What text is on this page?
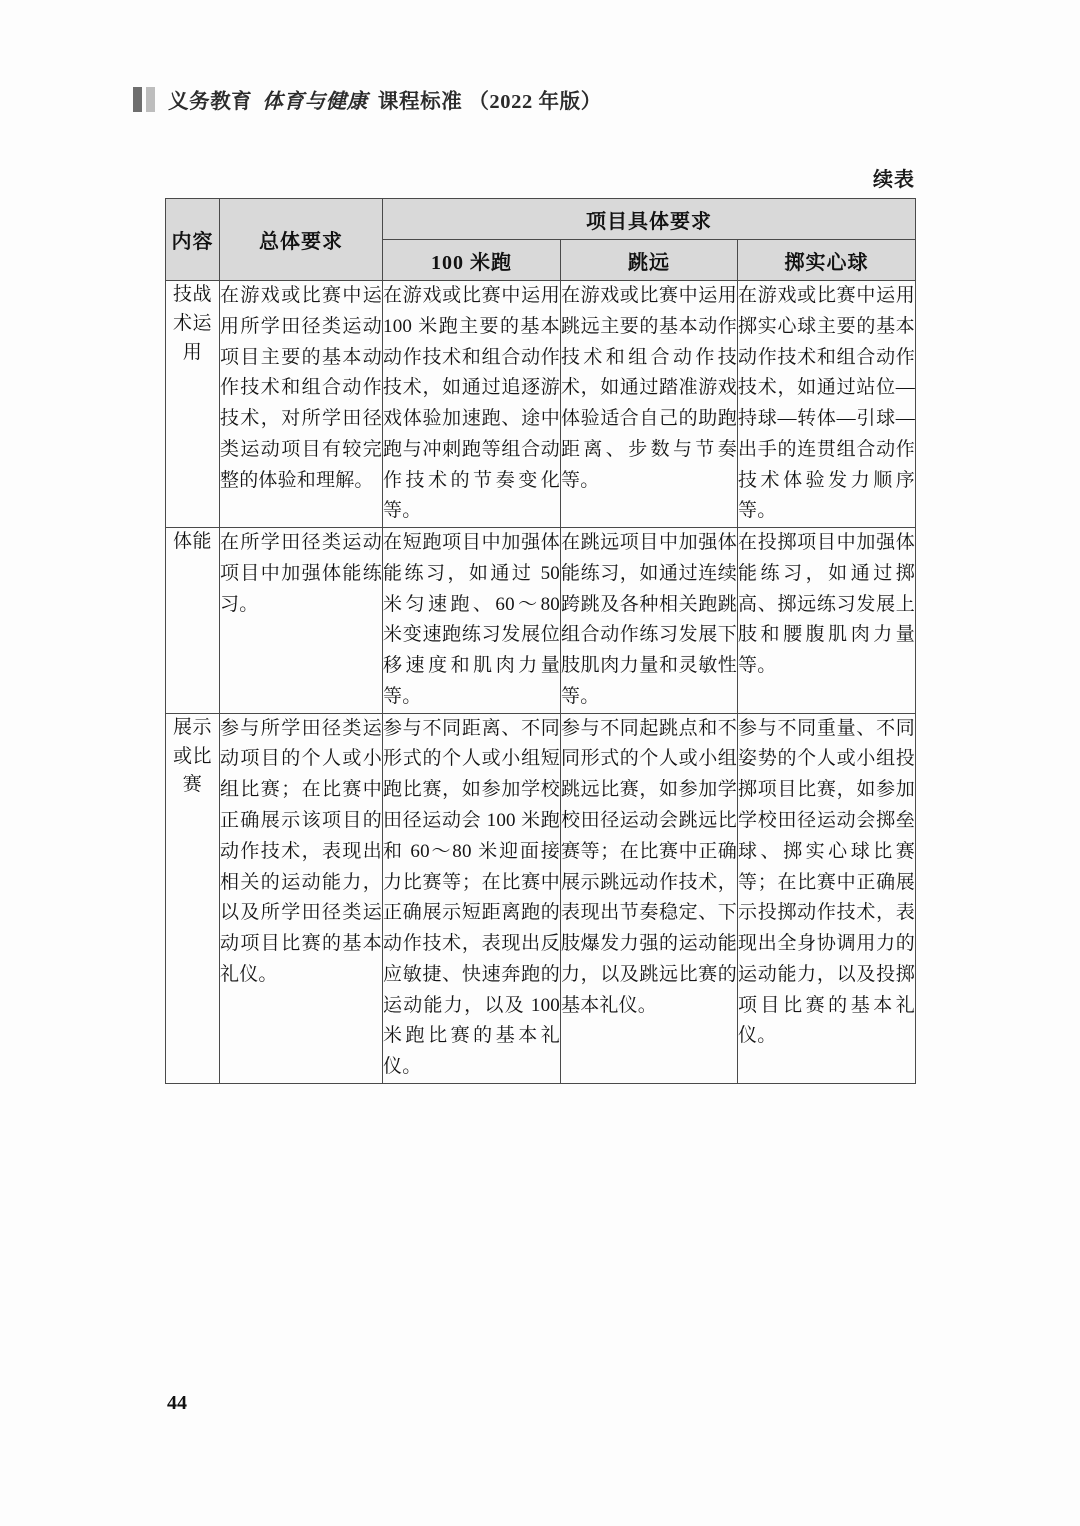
义务教育 体育与健康 课程标准 （2022 年版）
续表
内容	总体要求	项目具体要求		
		100 米跑	跳远	掷实心球
技战术运用	在游戏或比赛中运用所学田径类运动项目主要的基本动作技术和组合动作技术，对所学田径类运动项目有较完整的体验和理解。	在游戏或比赛中运用 100 米跑主要的基本动作技术和组合动作技术，如通过追逐游戏体验加速跑、途中跑与冲刺跑等组合动作技术的节奏变化等。	在游戏或比赛中运用跳远主要的基本动作技术和组合动作技术，如通过踏准游戏体验适合自己的助跑距离、步数与节奏等。	在游戏或比赛中运用掷实心球主要的基本动作技术和组合动作技术，如通过站位—持球—转体—引球—出手的连贯组合动作技术体验发力顺序等。
体能	在所学田径类运动项目中加强体能练习。	在短跑项目中加强体能练习，如通过 50 米匀速跑、60～80 米变速跑练习发展位移速度和肌肉力量等。	在跳远项目中加强体能练习，如通过连续跨跳及各种相关跑跳组合动作练习发展下肢肌肉力量和灵敏性等。	在投掷项目中加强体能练习，如通过掷高、掷远练习发展上肢和腰腹肌肉力量等。
展示或比赛	参与所学田径类运动项目的个人或小组比赛；在比赛中正确展示该项目的动作技术，表现出相关的运动能力，以及所学田径类运动项目比赛的基本礼仪。	参与不同距离、不同形式的个人或小组短跑比赛，如参加学校田径运动会 100 米跑和 60～80 米迎面接力比赛等；在比赛中正确展示短距离跑的动作技术，表现出反应敏捷、快速奔跑的运动能力，以及 100 米跑比赛的基本礼仪。	参与不同起跳点和不同形式的个人或小组跳远比赛，如参加学校田径运动会跳远比赛等；在比赛中正确展示跳远动作技术，表现出节奏稳定、下肢爆发力强的运动能力，以及跳远比赛的基本礼仪。	参与不同重量、不同姿势的个人或小组投掷项目比赛，如参加学校田径运动会掷垒球、掷实心球比赛等；在比赛中正确展示投掷动作技术，表现出全身协调用力的运动能力，以及投掷项目比赛的基本礼仪。
44
